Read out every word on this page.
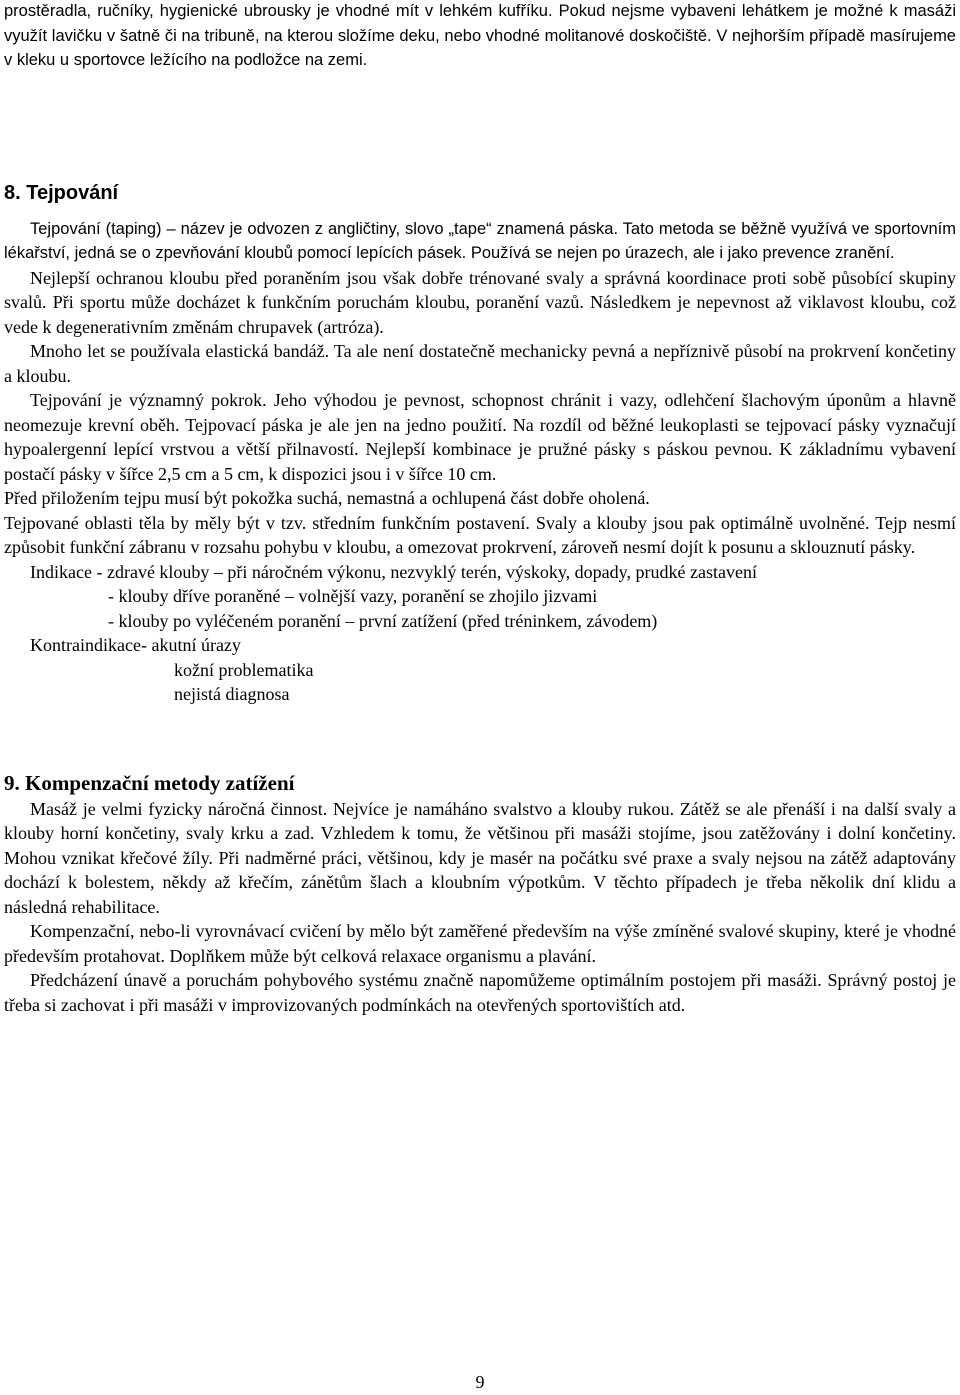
prostěradla, ručníky, hygienické ubrousky je vhodné mít v lehkém kufříku. Pokud nejsme vybaveni lehátkem je možné k masáži využít lavičku v šatně či na tribuně, na kterou složíme deku, nebo vhodné molitanové doskočiště. V nejhorším případě masírujeme v kleku u sportovce ležícího na podložce na zemi.

8. Tejpování

Tejpování (taping) – název je odvozen z angličtiny, slovo „tape“ znamená páska. Tato metoda se běžně využívá ve sportovním lékařství, jedná se o zpevňování kloubů pomocí lepících pásek. Používá se nejen po úrazech, ale i jako prevence zranění.

Nejlepší ochranou kloubu před poraněním jsou však dobře trénované svaly a správná koordinace proti sobě působící skupiny svalů. Při sportu může docházet k funkčním poruchám kloubu, poranění vazů. Následkem je nepevnost až viklavost kloubu, což vede k degenerativním změnám chrupavek (artróza).

Mnoho let se používala elastická bandáž. Ta ale není dostatečně mechanicky pevná a nepříznivě působí na prokrvení končetiny a kloubu.

Tejpování je významný pokrok. Jeho výhodou je pevnost, schopnost chránit i vazy, odlehčení šlachovým úponům a hlavně neomezuje krevní oběh. Tejpovací páska je ale jen na jedno použití. Na rozdíl od běžné leukoplasti se tejpovací pásky vyznačují hypoalergenní lepící vrstvou a větší přilnavostí. Nejlepší kombinace je pružné pásky s páskou pevnou. K základnímu vybavení postačí pásky v šířce 2,5 cm a 5 cm, k dispozici jsou i v šířce 10 cm.

Před přiložením tejpu musí být pokožka suchá, nemastná a ochlupená část dobře oholená.

Tejpované oblasti těla by měly být v tzv. středním funkčním postavení. Svaly a klouby jsou pak optimálně uvolněné. Tejp nesmí způsobit funkční zábranu v rozsahu pohybu v kloubu, a omezovat prokrvení, zároveň nesmí dojít k posunu a sklouznutí pásky.

Indikace - zdravé klouby – při náročném výkonu, nezvyklý terén, výskoky, dopady, prudké zastavení
- klouby dříve poraněné – volnější vazy, poranění se zhojilo jizvami
- klouby po vyléčeném poranění – první zatížení (před tréninkem, závodem)
Kontraindikace- akutní úrazy
kožní problematika
nejistá diagnosa
9. Kompenzační metody zatížení

Masáž je velmi fyzicky náročná činnost. Nejvíce je namáháno svalstvo a klouby rukou. Zátěž se ale přenáší i na další svaly a klouby horní končetiny, svaly krku a zad. Vzhledem k tomu, že většinou při masáži stojíme, jsou zatěžovány i dolní končetiny. Mohou vznikat křečové žíly. Při nadměrné práci, většinou, kdy je masér na počátku své praxe a svaly nejsou na zátěž adaptovány dochází k bolestem, někdy až křečím, zánětům šlach a kloubním výpotkům. V těchto případech je třeba několik dní klidu a následná rehabilitace.

Kompenzační, nebo-li vyrovnávací cvičení by mělo být zaměřené především na výše zmíněné svalové skupiny, které je vhodné především protahovat. Doplňkem může být celková relaxace organismu a plavání.

Předcházení únavě a poruchám pohybového systému značně napomůžeme optimálním postojem při masáži. Správný postoj je třeba si zachovat i při masáži v improvizovaných podmínkách na otevřených sportovištích atd.

9
